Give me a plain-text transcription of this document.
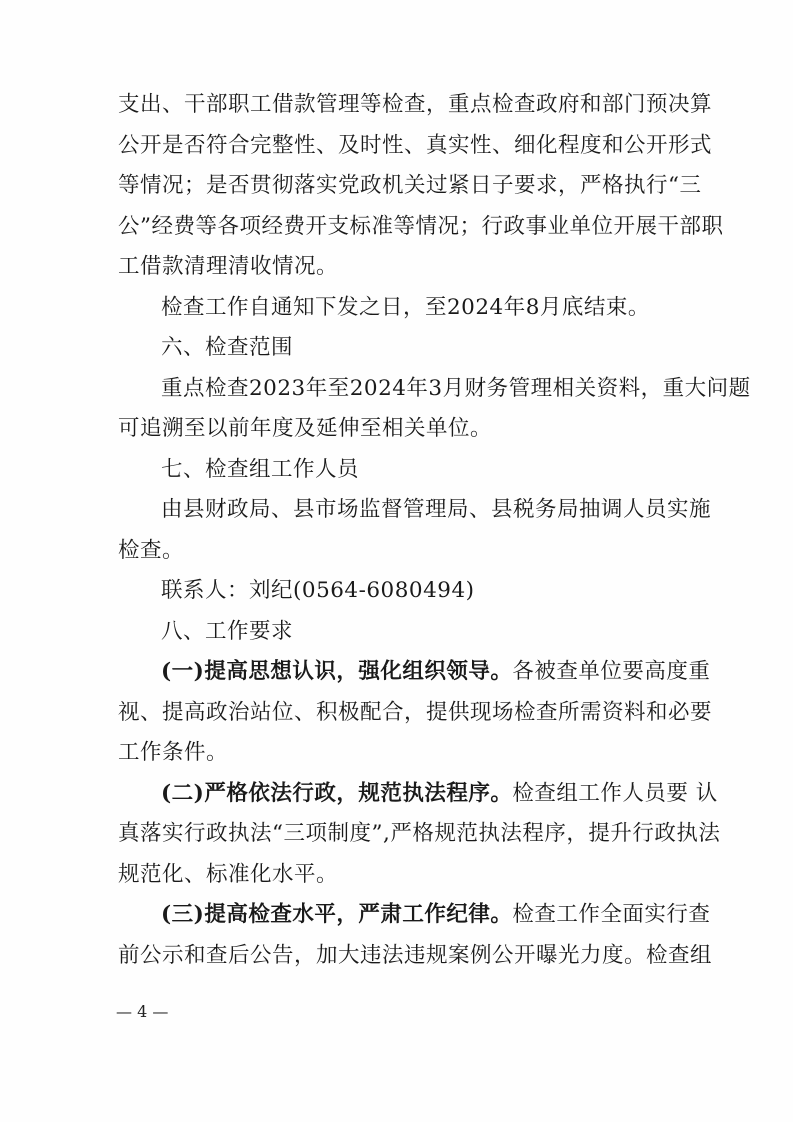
支出、干部职工借款管理等检查，重点检查政府和部门预决算
公开是否符合完整性、及时性、真实性、细化程度和公开形式
等情况；是否贯彻落实党政机关过紧日子要求，严格执行“三
公”经费等各项经费开支标准等情况；行政事业单位开展干部职
工借款清理清收情况。
检查工作自通知下发之日，至2024年8月底结束。
六、检查范围
重点检查2023年至2024年3月财务管理相关资料，重大问题
可追溯至以前年度及延伸至相关单位。
七、检查组工作人员
由县财政局、县市场监督管理局、县税务局抽调人员实施
检查。
联系人：刘纪(0564-6080494)
八、工作要求
(一)提高思想认识，强化组织领导。各被查单位要高度重
视、提高政治站位、积极配合，提供现场检查所需资料和必要
工作条件。
(二)严格依法行政，规范执法程序。检查组工作人员要 认
真落实行政执法“三项制度”,严格规范执法程序，提升行政执法
规范化、标准化水平。
(三)提高检查水平，严肃工作纪律。检查工作全面实行查
前公示和查后公告，加大违法违规案例公开曝光力度。检查组
— 4 —
